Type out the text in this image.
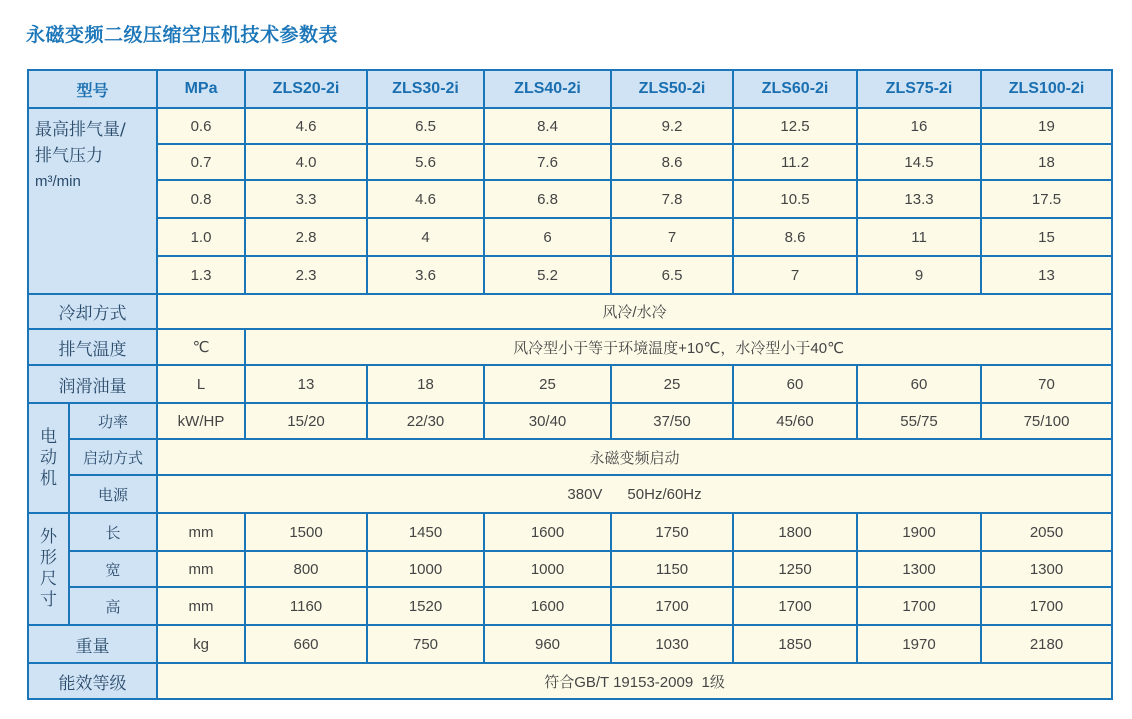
永磁变频二级压缩空压机技术参数表
型号		MPa	ZLS20-2i	ZLS30-2i	ZLS40-2i	ZLS50-2i	ZLS60-2i	ZLS75-2i	ZLS100-2i

最高排气量/
排气压力
m³/min		0.6	4.6	6.5	8.4	9.2	12.5	16	19
		0.7	4.0	5.6	7.6	8.6	11.2	14.5	18
		0.8	3.3	4.6	6.8	7.8	10.5	13.3	17.5
		1.0	2.8	4	6	7	8.6	11	15
		1.3	2.3	3.6	5.2	6.5	7	9	13
冷却方式		风冷/水冷							
排气温度		℃	风冷型小于等于环境温度+10℃，水冷型小于40℃						
润滑油量		L	13	18	25	25	60	60	70

电
动
机	功率	kW/HP	15/20	22/30	30/40	37/50	45/60	55/75	75/100
	启动方式	永磁变频启动							
	电源	380V      50Hz/60Hz							

外
形
尺
寸	长	mm	1500	1450	1600	1750	1800	1900	2050
	宽	mm	800	1000	1000	1150	1250	1300	1300
	高	mm	1160	1520	1600	1700	1700	1700	1700
重量		kg	660	750	960	1030	1850	1970	2180
能效等级		符合GB/T 19153-2009  1级							
